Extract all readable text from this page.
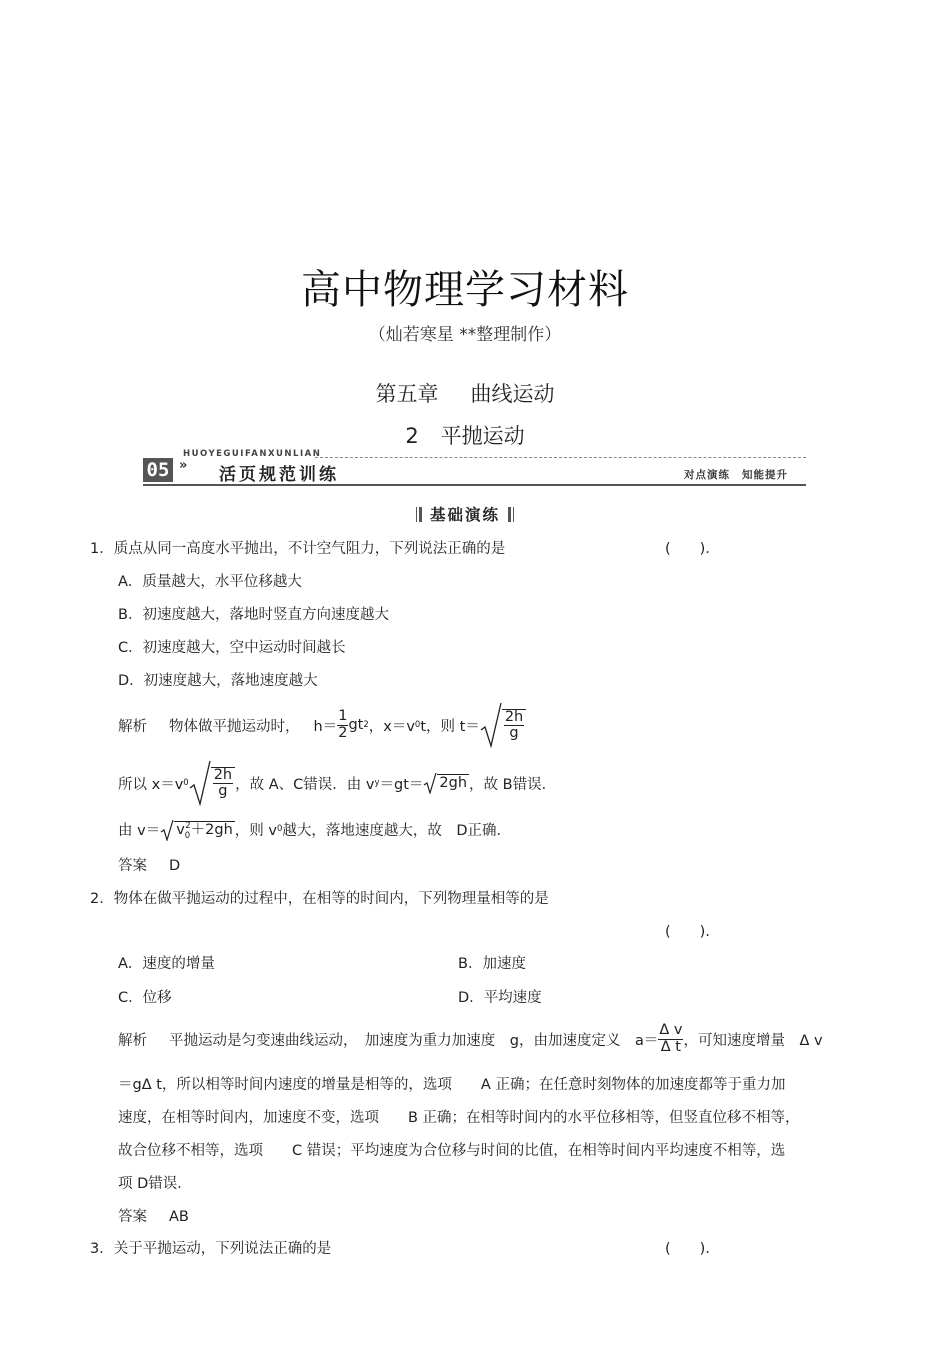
高中物理学习材料
（灿若寒星 **整理制作）
第五章 曲线运动
2 平抛运动
HUOYEGUIFANXUNLIAN
05 » 活页规范训练	对点演练 知能提升
基础演练
1．质点从同一高度水平抛出，不计空气阻力，下列说法正确的是	(　　)．
A．质量越大，水平位移越大
B．初速度越大，落地时竖直方向速度越大
C．初速度越大，空中运动时间越长
D．初速度越大，落地速度越大
解析 物体做平抛运动时， $h= \frac{1}{2}$ gt 2 ，x＝v 0 t，则 $t= \frac{2h}{g}$
所以 x＝v $0 \frac{2h}{g}$ ，故 A、C错误．由 v y ＝gt＝	2gh ，故 B错误．
由 v＝	$v_0^2+2gh$ ，则 v 0 越大，落地速度越大，故　D正确．
答案 D
2．物体在做平抛运动的过程中，在相等的时间内，下列物理量相等的是
(　　)．
A．速度的增量	B．加速度
C．位移	D．平均速度
解析 平抛运动是匀变速曲线运动，　加速度为重力加速度　g，由加速度定义　$a= \frac{\text{Δ v}}{\text{Δ t}}$ ，可知速度增量　Δ v
＝gΔ t，所以相等时间内速度的增量是相等的，选项　　A 正确；在任意时刻物体的加速度都等于重力加
速度，在相等时间内，加速度不变，选项　　B 正确；在相等时间内的水平位移相等，但竖直位移不相等，
故合位移不相等，选项　　C 错误；平均速度为合位移与时间的比值，在相等时间内平均速度不相等，选
项 D错误．
答案 AB
3．关于平抛运动，下列说法正确的是	(　　)．
